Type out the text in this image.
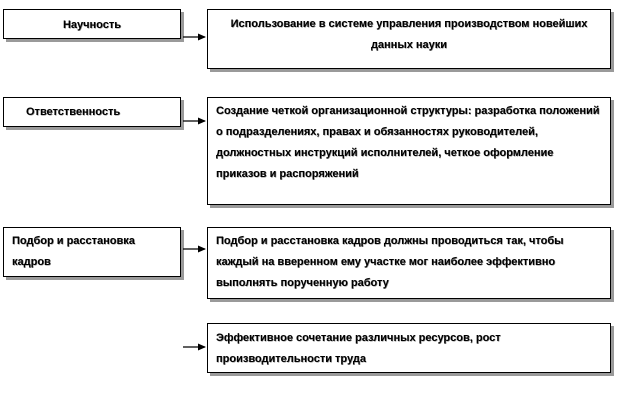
Научность	Использование в системе управления производством новейших данных науки
Ответственность	Создание четкой организационной структуры: разработка положений о подразделениях, правах и обязанностях руководителей, должностных инструкций исполнителей, четкое оформление приказов и распоряжений
Подбор и расстановка кадров
Подбор и расстановка кадров должны проводиться так, чтобы каждый на вверенном ему участке мог наиболее эффективно выполнять порученную работу
Эффективное сочетание различных ресурсов, рост производительности труда
